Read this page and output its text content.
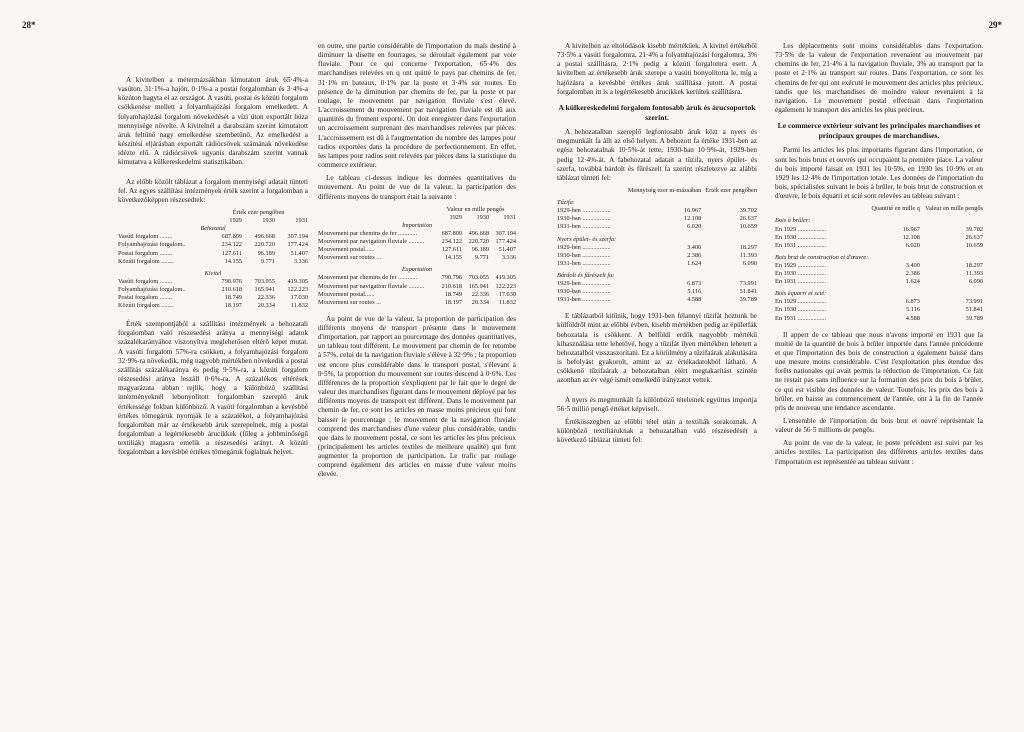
28*

A kivitelben a métermázsákban kimutatott áruk 65·4%-a vasúton, 31·1%-a hajón, 0·1%-a a postai forgalomban és 3·4%-a közúton hagyta el az országot. A vasúti, postai és közúti forgalom csökkenése mellett a folyamhajózási forgalom emelkedett. A folyamhajózási forgalom növekedését a vízi úton exportált búza mennyisége növelte. A kivitelnél a darabszám szerint kimutatott áruk feltűnő nagy emelkedése szembetűnő. Az emelkedést a készítési eljárásban exportált rádiócsövek számának növekedése idézte elő. A rádiócsövek ugyanis darabszám szerint vannak kimutatva a külkereskedelmi statisztikában.

Az előbb közölt táblázat a forgalom mennyiségi adatait tünteti fel. Az egyes szállítási intézmények érték szerint a forgalomban a következőképpen részesedtek:

	Érték ezer pengőben		
	1929	1930	1931
Behozatal			
Vasúti forgalom ........	687.809	496.668	307.194
Folyamhajózási forgalom..	234.122	220.720	177.424
Postai forgalom ........	127.611	96.189	51.407
Közúti forgalom ........	14.155	9.771	3.336
Kivitel			
Vasúti forgalom ........	790.976	703.055	419.305
Folyamhajózási forgalom..	210.618	165.941	122.223
Postai forgalom ........	18.749	22.336	17.030
Közúti forgalom ........	18.197	20.334	11.832

Érték szempontjából a szállítási intézmények a behozatali forgalomban való részesedési aránya a mennyiségi adatok százalékarányához viszonyítva meglehetősen eltérő képet mutat. A vasúti forgalom 57%-ra csökken, a folyamhajózási forgalom 32·9%-ra növekedik, még nagyobb mértékben növekedik a postai szállítás százalékaránya és pedig 9·5%-ra, a közúti forgalom részesedési aránya leszáll 0·6%-ra. A százalékos eltérések magyarázata abban rejlik, hogy a különböző szállítási intézményeknél lebonyolított forgalomban szereplő áruk értékessége fokban különböző. A vasúti forgalomban a kevésbbé értékes tömegáruk nyomják le a százalékot, a folyamhajózási forgalomban már az értékesebb áruk szerepelnek, míg a postai forgalomban a legértékesebb árucikkek (főleg a jobbminőségű textiliák) magasra emelik a részesedési arányt. A közúti forgalomban a kevésbbé értékes tömegáruk foglalnak helyet.

en outre, une partie considérable de l'importation du maïs destiné à diminuer la disette en fourrages, se déroulait également par voie fluviale. Pour ce qui concerne l'exportation, 65·4% des marchandises relevées en q ont quitté le pays par chemins de fer, 31·1% en bateaux, 0·1% par la poste et 3·4% sur routes. En présence de la diminution par chemins de fer, par la poste et par roulage, le mouvement par navigation fluviale s'est élevé. L'accroissement du mouvement par navigation fluviale est dû aux quantités du froment exporté. On doit enregistrer dans l'exportation un accroissement surprenant des marchandises relevées par pièces. L'accroissement est dû à l'augmentation du nombre des lampes pour radios exportées dans la procédure de perfectionnement. En effet, les lampes pour radios sont relevées par pièces dans la statistique du commerce extérieur.

Le tableau ci-dessus indique les données quantitatives du mouvement. Au point de vue de la valeur, la participation des différents moyens de transport était la suivante :

	Valeur en mille pengős		
	1929	1930	1931
Importation			
Mouvement par chemins de fer ............	687.809	496.668	307.194
Mouvement par navigation fluviale ..........	234.122	220.720	177.424
Mouvement postal......	127.611	96.189	51.407
Mouvement sur routes ...	14.155	9.771	3.336
Exportation			
Mouvement par chemins de fer ............	790.796	703.055	419.305
Mouvement par navigation fluviale ..........	210.618	165.941	122.223
Mouvement postal......	18.749	22.336	17.030
Mouvement sur routes ...	18.197	20.334	11.832

Au point de vue de la valeur, la proportion de participation des différents moyens de transport présente dans le mouvement d'importation, par rapport au pourcentage des données quantitatives, un tableau tout différent. Le mouvement par chemin de fer retombe à 57%, celui de la navigation fluviale s'élève à 32·9% ; la proportion est encore plus considérable dans le transport postal, s'élevant à 9·5%, la proportion du mouvement sur routes descend à 0·6%. Les différences de la proportion s'expliquent par le fait que le degré de valeur des marchandises figurant dans le mouvement déployé par les différents moyens de transport est différent. Dans le mouvement par chemin de fer, ce sont les articles en masse moins précieux qui font baisser le pourcentage ; le mouvement de la navigation fluviale comprend des marchandises d'une valeur plus considérable, tandis que dans le mouvement postal, ce sont les articles les plus précieux (principalement les articles textiles de meilleure qualité) qui font augmenter la proportion de participation. Le trafic par roulage comprend également des articles en masse d'une valeur moins élevée.

29*

A kivitelben az eltolódások kisebb mértékűek. A kivitel értékéből 73·5% a vasúti forgalomra, 21·4% a folyamhajózási forgalomra, 3% a postai szállításra, 2·1% pedig a közúti forgalomra esett. A kivitelben az értékesebb áruk szerepe a vasúti bonyolította le, míg a hajózásra a kevésbbé értékes áruk szállítása jutott. A postai forgalomban itt is a legértékesebb árucikkek kerültek szállításra.

A külkereskedelmi forgalom fontosabb áruk és árucsoportok szerint.

A behozatalban szereplő legfontosabb áruk közt a nyers és megmunkált fa állt az első helyen. A behozott fa értéke 1931-ben az egész behozatalnak 10·5%-át tette, 1930-ban 10·9%-át, 1929-ben pedig 12·4%-át. A fabehozatal adatait a tűzifa, nyers épület- és szerfa, továbbá bárdolt és fűrészelt fa szerint részletezve az alábbi táblázat tünteti fel:

	Mennyiség ezer m-mázsában	Érték ezer pengőben
Tűzifa:		
1929-ben ..................	16.967	39.702
1930-ban ..................	12.108	26.637
1931-ben ..................	6.020	10.659
Nyers épület- és szerfa:		
1929-ben ..................	3.400	18.297
1930-ban ..................	2.386	11.393
1931-ben ..................	1.624	6.090
Bárdolt és fűrészelt fa:		
1929-ben ..................	6.873	73.991
1930-ban ..................	5.116	51.841
1931-ben ..................	4.588	39.789

E táblázatból kitűnik, hogy 1931-ben félannyi tűzifát hoztunk be külföldről mint az előbbi évben, kisebb mértékben pedig az épületfák behozatala is csökkent. A belföldi erdők nagyobbb mértékű kihasználása tette lehetővé, hogy a tűzifát ilyen mértékben lehetett a behozatalból visszaszorítani. Ez a körülmény a tűzifaárak alakulására is befolyást gyakorolt, amint az az értékadatokból látható. A csökkenő tűzifaárak a behozatalban elért megtakarítást szintén azonban az év végé ismét emelkedő irányzatot vettek.

A nyers és megmunkált fa különböző tételeinek együttes importja 56·5 millió pengő értéket képviselt.

Értékösszegben az előbbi tétel után a textiliák sorakoznak. A különböző textiliáruknak a behozatalban való részesedését a következő táblázat tünteti fel:

Les déplacements sont moins considérables dans l'exportation. 73·5% de la valeur de l'exportation revenaient au mouvement par chemins de fer, 21·4% à la navigation fluviale, 3% au transport par la poste et 2·1% au transport sur routes. Dans l'exportation, ce sont les chemins de fer qui ont exécuté le mouvement des articles plus précieux, tandis que les marchandises de moindre valeur revenaient à la navigation. Le mouvement postal effectuait dans l'exportation également le transport des articles les plus précieux.

Le commerce extérieur suivant les principales marchandises et principaux groupes de marchandises.

Parmi les articles les plus importants figurant dans l'importation, ce sont les bois bruts et ouvrés qui occupaient la première place. La valeur du bois importé faisait en 1931 les 10·5%, en 1930 les 10·9% et en 1929 les 12·4% de l'importation totale. Les données de l'importation du bois, spécialisées suivant le bois à brûler, le bois brut de construction et d'œuvre, le bois équarri et scié sont relevées au tableau suivant :

	Quantité en mille q	Valeur en mille pengős
Bois à brûler:		
En 1929 ..................	16.967	39.702
En 1930 ..................	12.108	26.637
En 1931 ..................	6.020	10.659
Bois brut de construction et d'œuvre:		
En 1929 ..................	3.400	18.297
En 1930 ..................	2.386	11.393
En 1931 ..................	1.624	6.090
Bois équarri et scié:		
En 1929 ..................	6.873	73.991
En 1930 ..................	5.116	51.841
En 1931 ..................	4.588	39.789

Il appert de ce tableau que nous n'avons importé en 1931 que la moitié de la quantité de bois à brûler importée dans l'année précédente et que l'importation des bois de construction a également baissé dans une mesure moins considérable. C'est l'exploitation plus étendue des forêts nationales qui avait permis la réduction de l'importation. Ce fait ne restait pas sans influence sur la formation des prix du bois à brûler, ce qui est visible des données de valeur. Toutefois, les prix des bois à brûler, en baisse au commencement de l'année, ont à la fin de l'année pris de nouveau une tendance ascendante.

L'ensemble de l'importation du bois brut et ouvré représentait la valeur de 56·5 millions de pengős.

Au point de vue de la valeur, le poste précédent est suivi par les articles textiles. La participation des différents articles textiles dans l'importation est représentée au tableau suivant :
